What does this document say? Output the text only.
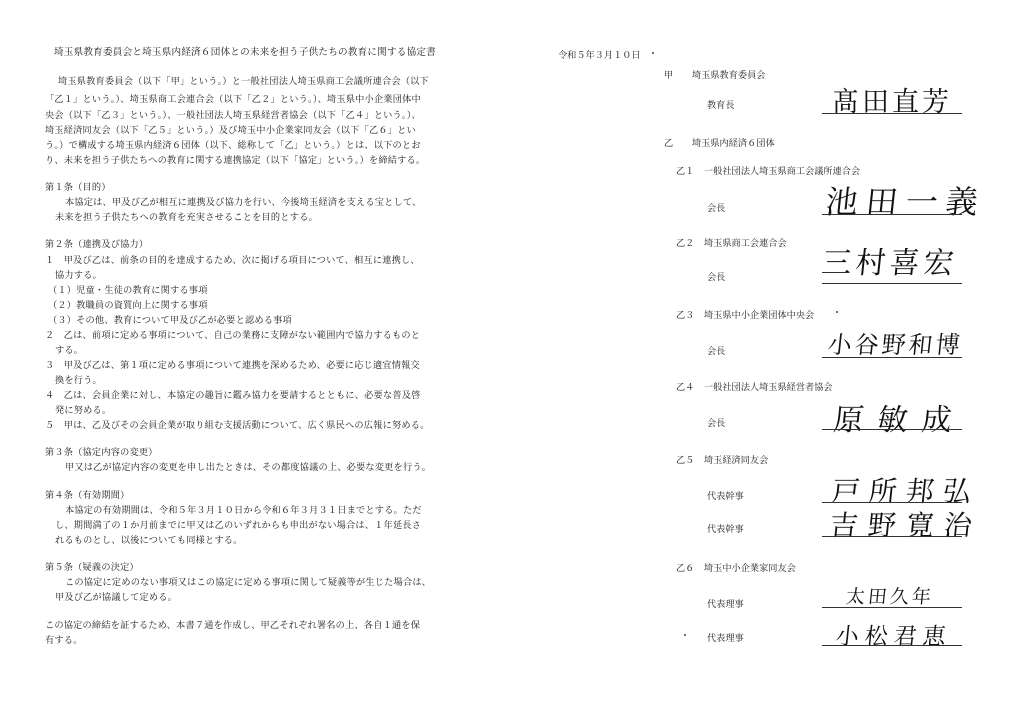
埼玉県教育委員会と埼玉県内経済６団体との未来を担う子供たちの教育に関する協定書
埼玉県教育委員会（以下「甲」という。）と一般社団法人埼玉県商工会議所連合会（以下
「乙１」という。）、埼玉県商工会連合会（以下「乙２」という。）、埼玉県中小企業団体中
央会（以下「乙３」という。）、一般社団法人埼玉県経営者協会（以下「乙４」という。）、
埼玉経済同友会（以下「乙５」という。）及び埼玉中小企業家同友会（以下「乙６」とい
う。）で構成する埼玉県内経済６団体（以下、総称して「乙」という。）とは、以下のとお
り、未来を担う子供たちへの教育に関する連携協定（以下「協定」という。）を締結する。
第１条（目的）
本協定は、甲及び乙が相互に連携及び協力を行い、今後埼玉経済を支える宝として、
未来を担う子供たちへの教育を充実させることを目的とする。
第２条（連携及び協力）
１　甲及び乙は、前条の目的を達成するため、次に掲げる項目について、相互に連携し、
協力する。
（１）児童・生徒の教育に関する事項
（２）教職員の資質向上に関する事項
（３）その他、教育について甲及び乙が必要と認める事項
２　乙は、前項に定める事項について、自己の業務に支障がない範囲内で協力するものと
する。
３　甲及び乙は、第１項に定める事項について連携を深めるため、必要に応じ適宜情報交
換を行う。
４　乙は、会員企業に対し、本協定の趣旨に鑑み協力を要請するとともに、必要な普及啓
発に努める。
５　甲は、乙及びその会員企業が取り組む支援活動について、広く県民への広報に努める。
第３条（協定内容の変更）
甲又は乙が協定内容の変更を申し出たときは、その都度協議の上、必要な変更を行う。
第４条（有効期間）
本協定の有効期間は、令和５年３月１０日から令和６年３月３１日までとする。ただ
し、期間満了の１か月前までに甲又は乙のいずれからも申出がない場合は、１年延長さ
れるものとし、以後についても同様とする。
第５条（疑義の決定）
この協定に定めのない事項又はこの協定に定める事項に関して疑義等が生じた場合は、
甲及び乙が協議して定める。
この協定の締結を証するため、本書７通を作成し、甲乙それぞれ署名の上、各自１通を保
有する。
令和５年３月１０日
甲 埼玉県教育委員会
教育長	髙田直芳
乙 埼玉県内経済６団体
乙１ 一般社団法人埼玉県商工会議所連合会
会長	池田一義
乙２ 埼玉県商工会連合会
会長	三村喜宏
乙３ 埼玉県中小企業団体中央会
会長	小谷野和博
乙４ 一般社団法人埼玉県経営者協会
会長	原敏成
乙５ 埼玉経済同友会
代表幹事	戸所邦弘
代表幹事	吉野寛治
乙６ 埼玉中小企業家同友会
代表理事	太田久年
代表理事	小松君恵
